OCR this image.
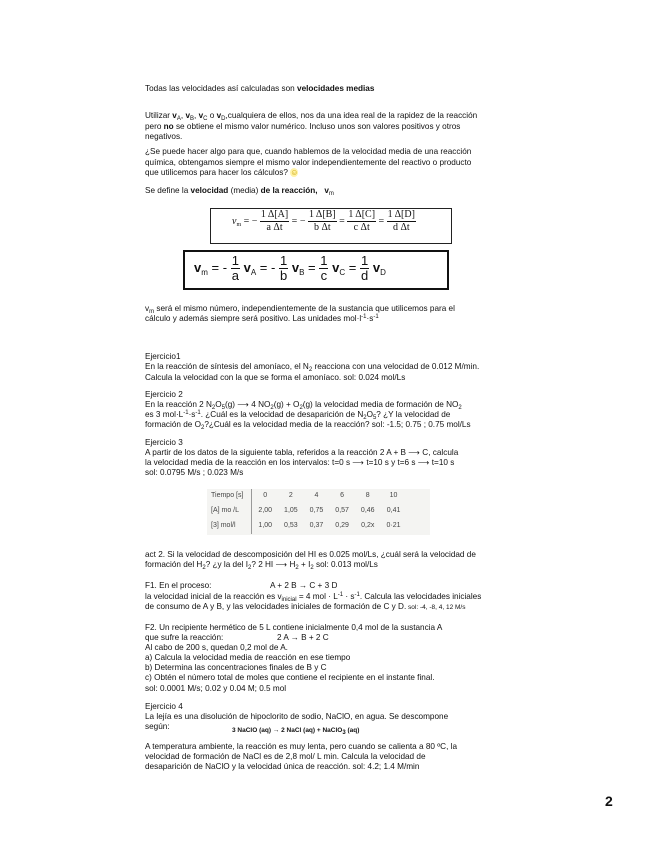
Todas las velocidades así calculadas son velocidades medias
Utilizar $v_A$, $v_B$, $v_C$ o $v_D,cualquiera$ de ellos, nos da una idea real de la rapidez de la reacción
pero no se obtiene el mismo valor numérico. Incluso unos son valores positivos y otros
negativos.
¿Se puede hacer algo para que, cuando hablemos de la velocidad media de una reacción
química, obtengamos siempre el mismo valor independientemente del reactivo o producto
que utilicemos para hacer los cálculos? ☺
Se define la velocidad (media) de la reacción, $v_m$
$v_m$ = − $\frac{1 \Delta[A]}{\text{a Δt}}$ = − $\frac{1 \Delta[B]}{\text{b Δt}} = \frac{1 \Delta[C]}{\text{c Δt}} = \frac{1 \Delta[D]}{\text{d Δt}}$
$v_m$ = - $\frac{1}{a} v_A$ = - $\frac{1}{b} v_B = \frac{1}{c} v_C = \frac{1}{d} v_D$
$v_m$ será el mismo número, independientemente de la sustancia que utilicemos para el
cálculo y además siempre será positivo. Las unidades $mol\cdot l^{-1}\cdot s^{-1}$
Ejercicio1
En la reacción de síntesis del amoníaco, el $N_2$ reacciona con una velocidad de 0.012 M/min.
Calcula la velocidad con la que se forma el amoníaco. sol: 0.024 mol/Ls
Ejercicio 2
En la reacción 2 $N_2O_5(g)$ ⟶ 4 $NO_2(g) + O_2(g)$ la velocidad media de formación de $NO_2$
es 3 $mol\cdot L^{-1}\cdot s^{-1}$. ¿Cuál es la velocidad de desaparición de $N_2O_5$? ¿Y la velocidad de
formación de $O_2?¿Cuál$ es la velocidad media de la reacción? sol: -1.5; 0.75 ; 0.75 mol/Ls
Ejercicio 3
A partir de los datos de la siguiente tabla, referidos a la reacción 2 A + B ⟶ C, calcula
la velocidad media de la reacción en los intervalos: t=0 s ⟶ t=10 s y t=6 s ⟶ t=10 s
sol: 0.0795 M/s ; 0.023 M/s
Tiempo [s]	0	2	4	6	8	10
[A] mo /L	2,00	1,05	0,75	0,57	0,46	0,41
[3] mol/l	1,00	0,53	0,37	0,29	0,2x	0·21
act 2. Si la velocidad de descomposición del HI es 0.025 mol/Ls, ¿cuál será la velocidad de
formación del $H_2$? ¿y la del $I_2$? 2 HI ⟶ $H_2 + I_2$ sol: 0.013 mol/Ls
F1. En el proceso:	A + 2 B → C + 3 D
la velocidad inicial de la reacción es $v_{inicial} = 4$ mol · $L^{-1} \cdot s^{-1}$. Calcula las velocidades iniciales
de consumo de A y B, y las velocidades iniciales de formación de C y D. sol: -4, -8, 4, 12 M/s
F2. Un recipiente hermético de 5 L contiene inicialmente 0,4 mol de la sustancia A
que sufre la reacción:	2 A → B + 2 C
Al cabo de 200 s, quedan 0,2 mol de A.
a) Calcula la velocidad media de reacción en ese tiempo
b) Determina las concentraciones finales de B y C
c) Obtén el número total de moles que contiene el recipiente en el instante final.
sol: 0.0001 M/s; 0.02 y 0.04 M; 0.5 mol
Ejercicio 4
La lejía es una disolución de hipoclorito de sodio, NaClO, en agua. Se descompone
según:	3 NaClO (aq) → 2 NaCl (aq) + NaClO$_3$ (aq)
A temperatura ambiente, la reacción es muy lenta, pero cuando se calienta a 80 ºC, la
velocidad de formación de NaCl es de 2,8 mol/ L min. Calcula la velocidad de
desaparición de NaClO y la velocidad única de reacción. sol: 4.2; 1.4 M/min
2
